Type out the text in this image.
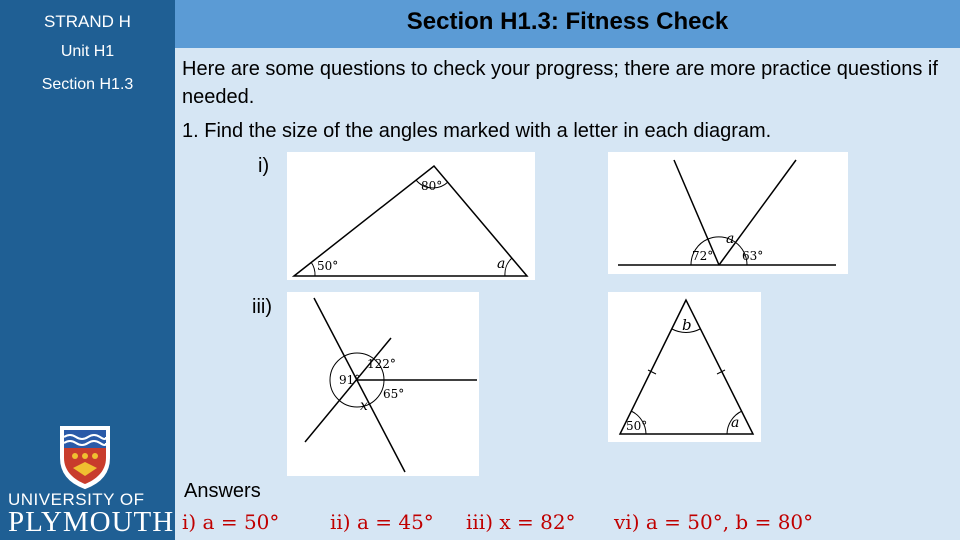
STRAND H
Unit H1
Section H1.3
UNIVERSITY OF
PLYMOUTH
Section H1.3: Fitness Check
Here are some questions to check your progress; there are more practice questions if needed.
1. Find the size of the angles marked with a letter in each diagram.
i)
iii)
80°
50°	a
a
72° 63°
122°
91°
65°
x
b
50°	a
Answers
i) a = 50°	ii) a = 45° iii) x = 82° vi) a = 50°, b = 80°
